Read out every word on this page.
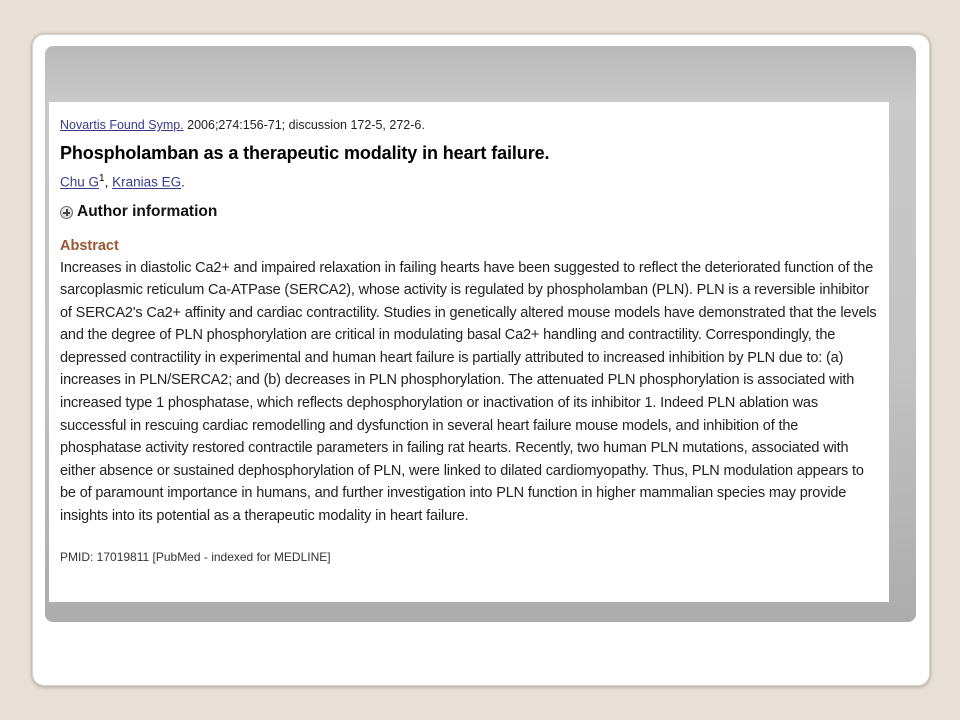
Novartis Found Symp. 2006;274:156-71; discussion 172-5, 272-6.
Phospholamban as a therapeutic modality in heart failure.
Chu $G^1$, Kranias EG.
Author information
Abstract
Increases in diastolic Ca2+ and impaired relaxation in failing hearts have been suggested to reflect the deteriorated function of the sarcoplasmic reticulum Ca-ATPase (SERCA2), whose activity is regulated by phospholamban (PLN). PLN is a reversible inhibitor of SERCA2's Ca2+ affinity and cardiac contractility. Studies in genetically altered mouse models have demonstrated that the levels and the degree of PLN phosphorylation are critical in modulating basal Ca2+ handling and contractility. Correspondingly, the depressed contractility in experimental and human heart failure is partially attributed to increased inhibition by PLN due to: (a) increases in PLN/SERCA2; and (b) decreases in PLN phosphorylation. The attenuated PLN phosphorylation is associated with increased type 1 phosphatase, which reflects dephosphorylation or inactivation of its inhibitor 1. Indeed PLN ablation was successful in rescuing cardiac remodelling and dysfunction in several heart failure mouse models, and inhibition of the phosphatase activity restored contractile parameters in failing rat hearts. Recently, two human PLN mutations, associated with either absence or sustained dephosphorylation of PLN, were linked to dilated cardiomyopathy. Thus, PLN modulation appears to be of paramount importance in humans, and further investigation into PLN function in higher mammalian species may provide insights into its potential as a therapeutic modality in heart failure.
PMID: 17019811 [PubMed - indexed for MEDLINE]
